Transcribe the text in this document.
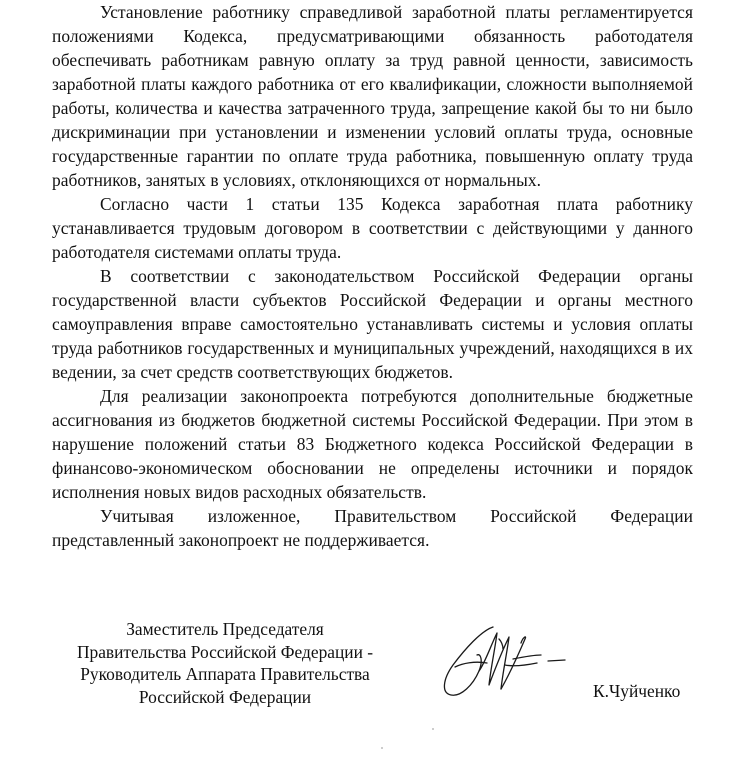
Установление работнику справедливой заработной платы регламентируется положениями Кодекса, предусматривающими обязанность работодателя обеспечивать работникам равную оплату за труд равной ценности, зависимость заработной платы каждого работника от его квалификации, сложности выполняемой работы, количества и качества затраченного труда, запрещение какой бы то ни было дискриминации при установлении и изменении условий оплаты труда, основные государственные гарантии по оплате труда работника, повышенную оплату труда работников, занятых в условиях, отклоняющихся от нормальных.

Согласно части 1 статьи 135 Кодекса заработная плата работнику устанавливается трудовым договором в соответствии с действующими у данного работодателя системами оплаты труда.

В соответствии с законодательством Российской Федерации органы государственной власти субъектов Российской Федерации и органы местного самоуправления вправе самостоятельно устанавливать системы и условия оплаты труда работников государственных и муниципальных учреждений, находящихся в их ведении, за счет средств соответствующих бюджетов.

Для реализации законопроекта потребуются дополнительные бюджетные ассигнования из бюджетов бюджетной системы Российской Федерации. При этом в нарушение положений статьи 83 Бюджетного кодекса Российской Федерации в финансово-экономическом обосновании не определены источники и порядок исполнения новых видов расходных обязательств.

Учитывая изложенное, Правительством Российской Федерации представленный законопроект не поддерживается.

Заместитель Председателя
Правительства Российской Федерации -
Руководитель Аппарата Правительства
Российской Федерации	К.Чуйченко
